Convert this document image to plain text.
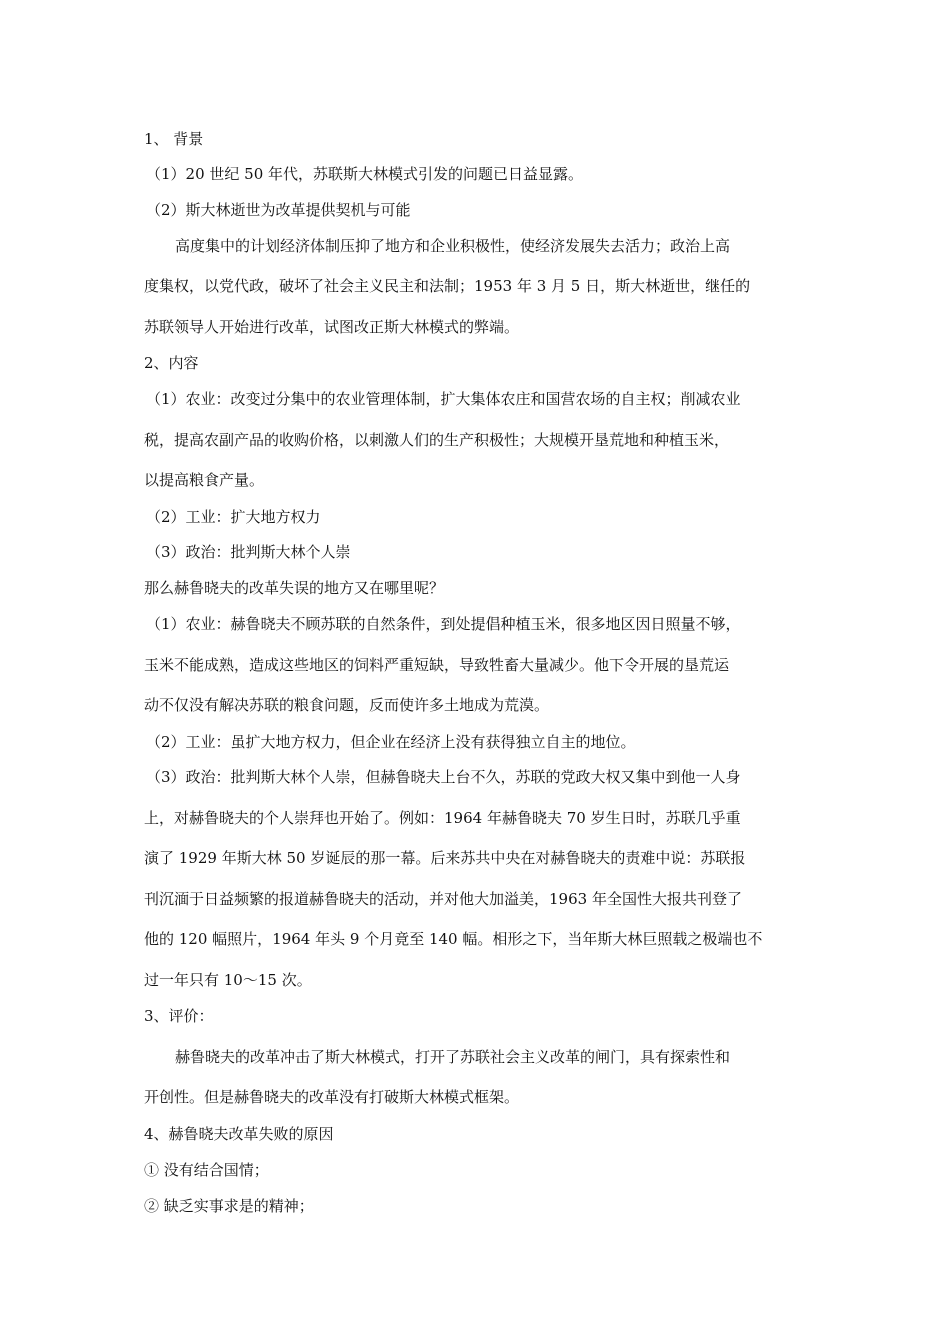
1、 背景
（1）20 世纪 50 年代，苏联斯大林模式引发的问题已日益显露。
（2）斯大林逝世为改革提供契机与可能
高度集中的计划经济体制压抑了地方和企业积极性，使经济发展失去活力；政治上高
度集权，以党代政，破坏了社会主义民主和法制；1953 年 3 月 5 日，斯大林逝世，继任的
苏联领导人开始进行改革，试图改正斯大林模式的弊端。
2、内容
（1）农业：改变过分集中的农业管理体制，扩大集体农庄和国营农场的自主权；削减农业
税，提高农副产品的收购价格，以刺激人们的生产积极性；大规模开垦荒地和种植玉米，
以提高粮食产量。
（2）工业：扩大地方权力
（3）政治：批判斯大林个人崇
那么赫鲁晓夫的改革失误的地方又在哪里呢？
（1）农业：赫鲁晓夫不顾苏联的自然条件，到处提倡种植玉米，很多地区因日照量不够，
玉米不能成熟，造成这些地区的饲料严重短缺，导致牲畜大量减少。他下令开展的垦荒运
动不仅没有解决苏联的粮食问题，反而使许多土地成为荒漠。
（2）工业：虽扩大地方权力，但企业在经济上没有获得独立自主的地位。
（3）政治：批判斯大林个人崇，但赫鲁晓夫上台不久，苏联的党政大权又集中到他一人身
上，对赫鲁晓夫的个人崇拜也开始了。例如：1964 年赫鲁晓夫 70 岁生日时，苏联几乎重
演了 1929 年斯大林 50 岁诞辰的那一幕。后来苏共中央在对赫鲁晓夫的责难中说：苏联报
刊沉湎于日益频繁的报道赫鲁晓夫的活动，并对他大加溢美，1963 年全国性大报共刊登了
他的 120 幅照片，1964 年头 9 个月竟至 140 幅。相形之下，当年斯大林巨照载之极端也不
过一年只有 10～15 次。
3、评价：
赫鲁晓夫的改革冲击了斯大林模式，打开了苏联社会主义改革的闸门，具有探索性和
开创性。但是赫鲁晓夫的改革没有打破斯大林模式框架。
4、赫鲁晓夫改革失败的原因
① 没有结合国情；
② 缺乏实事求是的精神；
